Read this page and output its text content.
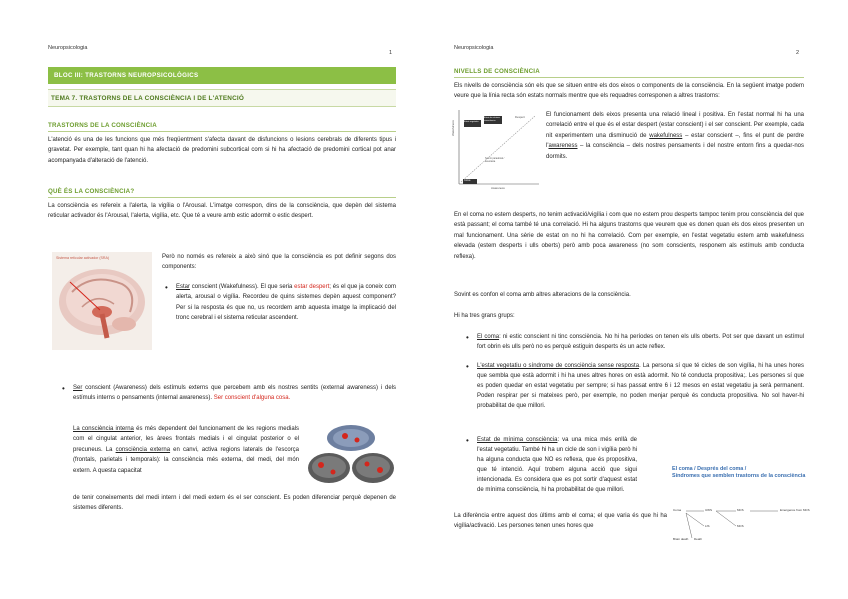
Neuropsicologia
1
BLOC III: TRASTORNS NEUROPSICOLÒGICS
TEMA 7. TRASTORNS DE LA CONSCIÈNCIA I DE L'ATENCIÓ
TRASTORNS DE LA CONSCIÈNCIA
L'atenció és una de les funcions que més freqüentment s'afecta davant de disfuncions o lesions cerebrals de diferents tipus i gravetat. Per exemple, tant quan hi ha afectació de predomini subcortical com si hi ha afectació de predomini cortical pot anar acompanyada d'alteració de l'atenció.
QUÈ ÉS LA CONSCIÈNCIA?
La consciència es refereix a l'alerta, la vigília o l'Arousal. L'imatge correspon, dins de la consciència, que depèn del sistema reticular activador és l'Arousal, l'alerta, vigília, etc. Que té a veure amb estic adormit o estic despert.
Sistema reticular activador (SRA)	Però no només es refereix a això sinó que la consciència es pot definir segons dos components:
• Estar conscient (Wakefulness). El que seria estar despert; és el que ja coneix com alerta, arousal o vigília. Recordeu de quins sistemes depèn aquest component? Per si la resposta és que no, us recordem amb aquesta imatge la implicació del tronc cerebral i el sistema reticular ascendent.
• Ser conscient (Awareness) dels estímuls externs que percebem amb els nostres sentits (external awareness) i dels estímuls interns o pensaments (internal awareness). Ser conscient d'alguna cosa.
La consciència interna és més dependent del funcionament de les regions medials com el cingulat anterior, les àrees frontals medials i el cingulat posterior o el precuneus. La consciència externa en canvi, activa regions laterals de l'escorça (frontals, parietals i temporals): la consciència més externa, del medi, del món extern. A questa capacitat
de tenir coneixements del medi intern i del medi extern és el ser conscient. Es poden diferenciar perquè depenen de sistemes diferents.
Neuropsicologia
2
NIVELLS DE CONSCIÈNCIA
Els nivells de consciència són els que se situen entre els dos eixos o components de la consciència. En la següent imatge podem veure que la línia recta són estats normals mentre que els requadres corresponen a altres trastorns:
Wakefulness
Awareness
Estat vegetatiu
Estat de mínima consciència
Despert
Somni paradoxal / anestèsia
Coma
El funcionament dels eixos presenta una relació lineal i positiva. En l'estat normal hi ha una correlació entre el que és el estar despert (estar conscient) i el ser conscient. Per exemple, cada nit experimentem una disminució de wakefulness – estar conscient –, fins el punt de perdre l'awareness – la consciència – dels nostres pensaments i del nostre entorn fins a quedar-nos dormits.
En el coma no estem desperts, no tenim activació/vigília i com que no estem prou desperts tampoc tenim prou consciència del que està passant; el coma també té una correlació. Hi ha alguns trastorns que veurem que es donen quan els dos eixos presenten un mal funcionament. Una sèrie de estat on no hi ha correlació. Com per exemple, en l'estat vegetatiu estem amb wakefulness elevada (estem desperts i ulls oberts) però amb poca awareness (no som conscients, responem als estímuls amb conducta reflexa).
Sovint es confon el coma amb altres alteracions de la consciència.
Hi ha tres grans grups:
• El coma: ni estic conscient ni tinc consciència. No hi ha períodes on tenen els ulls oberts. Pot ser que davant un estímul fort obrin els ulls però no es perquè estiguin desperts és un acte reflex.
• L'estat vegetatiu o síndrome de consciència sense resposta. La persona sí que té cicles de son vigília, hi ha unes hores que sembla que està adormit i hi ha unes altres hores on està adormit. No té conducta propositiva;. Les persones sí que es poden quedar en estat vegetatiu per sempre; si has passat entre 6 i 12 mesos en estat vegetatiu ja serà permanent. Poden respirar per si mateixes però, per exemple, no poden menjar perquè és conducta propositiva. No sol haver-hi probabilitat de que millori.
• Estat de mínima consciència: va una mica més enllà de l'estat vegetatiu. També hi ha un cicle de son i vigília però hi ha alguna conducta que NO es reflexa, que és propositiva, que té intenció. Aquí trobem alguna acció que sigui intencionada. Es considera que es pot sortir d'aquest estat de mínima consciència, hi ha probabilitat de que millori.
El coma / Després del coma /
Síndromes que semblen trastorns de la consciència
Coma	UWS	MCS	Emergence from MCS
LIS	MCS
Death
Brain death
La diferència entre aquest dos últims amb el coma; el que varia és que hi ha vigília/activació. Les persones tenen unes hores que
